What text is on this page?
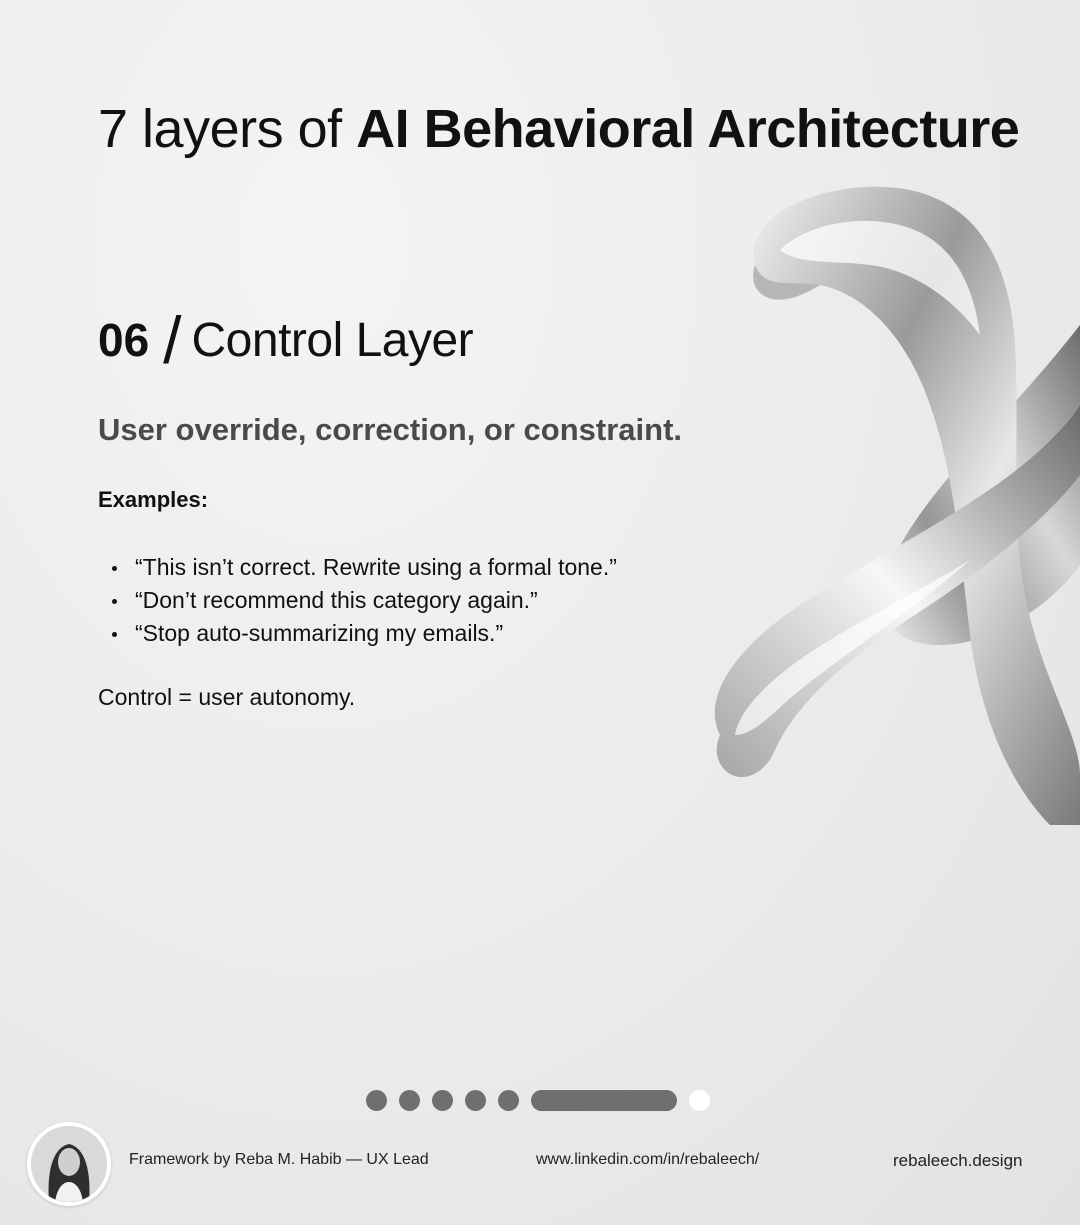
7 layers of AI Behavioral Architecture
06 / Control Layer

User override, correction, or constraint.

Examples:

“This isn’t correct. Rewrite using a formal tone.”
“Don’t recommend this category again.”
“Stop auto-summarizing my emails.”

Control = user autonomy.

Framework by Reba M. Habib — UX Lead	www.linkedin.com/in/rebaleech/	rebaleech.design
